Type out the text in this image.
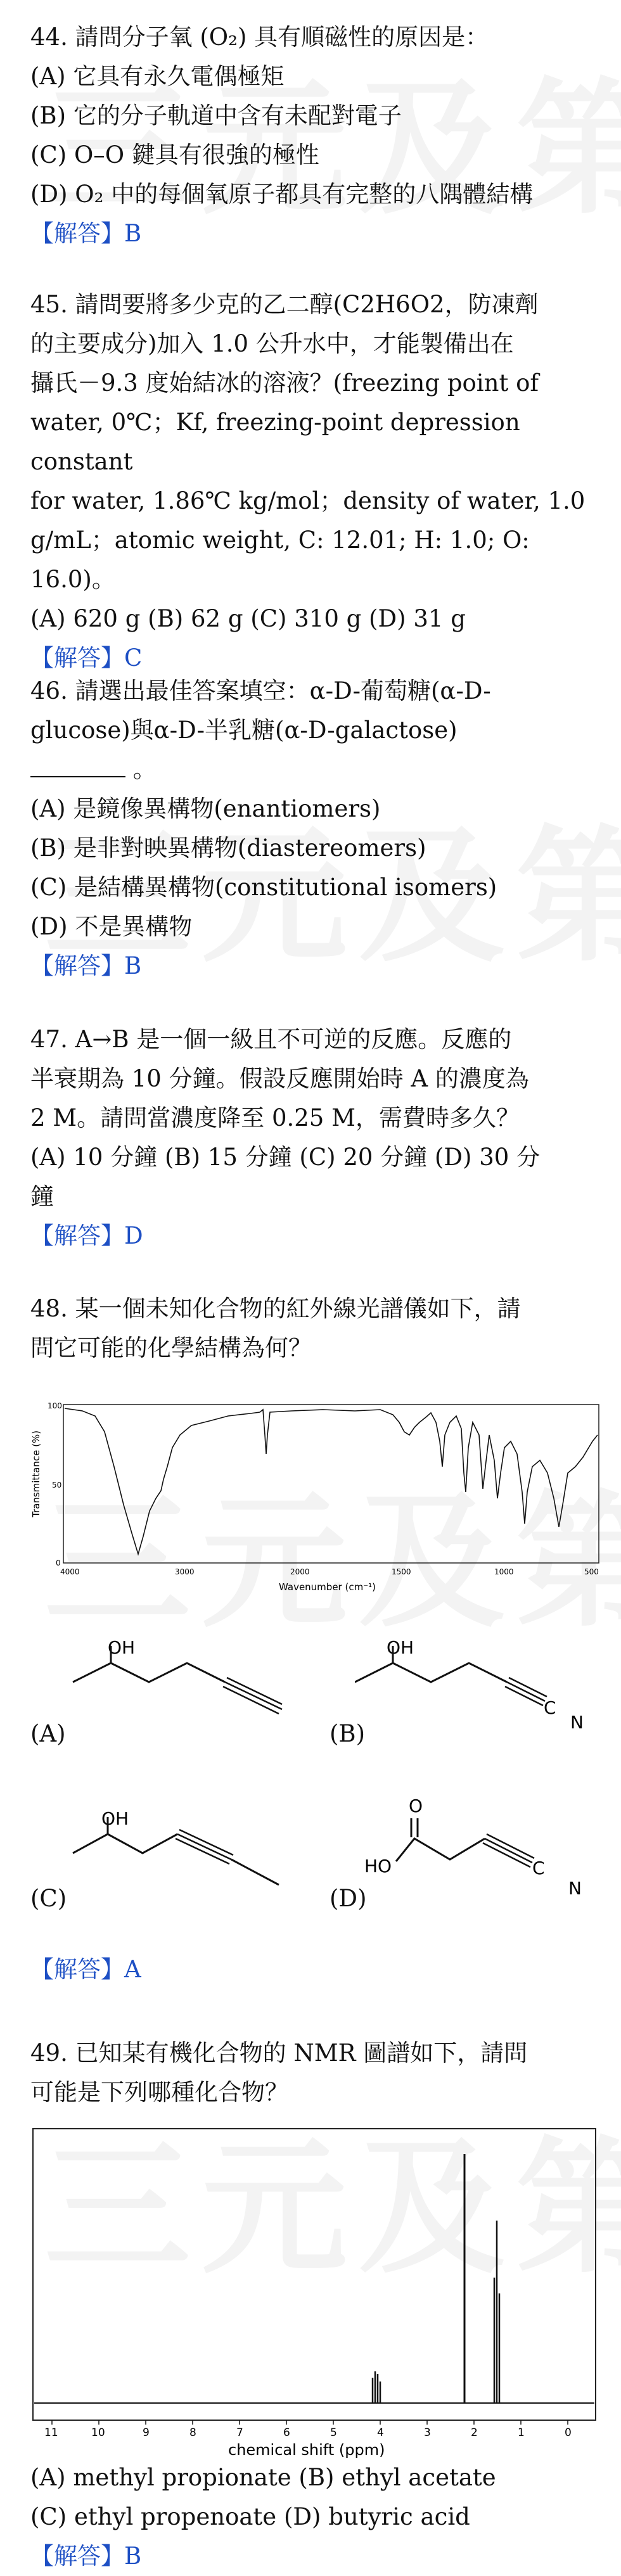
44. 請問分子氧 (O₂) 具有順磁性的原因是：

(A) 它具有永久電偶極矩

(B) 它的分子軌道中含有未配對電子

(C) O–O 鍵具有很強的極性

(D) O₂ 中的每個氧原子都具有完整的八隅體結構

【解答】B

45. 請問要將多少克的乙二醇(C2H6O2，防凍劑

的主要成分)加入 1.0 公升水中，才能製備出在

攝氏－9.3 度始結冰的溶液？(freezing point of

water, 0℃；Kf, freezing-point depression constant

for water, 1.86℃ kg/mol；density of water, 1.0

g/mL；atomic weight, C: 12.01; H: 1.0; O: 16.0)。

(A) 620 g (B) 62 g (C) 310 g (D) 31 g

【解答】C

46. 請選出最佳答案填空：α-D-葡萄糖(α-D-

glucose)與α-D-半乳糖(α-D-galactose)

。

(A) 是鏡像異構物(enantiomers)

(B) 是非對映異構物(diastereomers)

(C) 是結構異構物(constitutional isomers)

(D) 不是異構物

【解答】B

47. A→B 是一個一級且不可逆的反應。反應的

半衰期為 10 分鐘。假設反應開始時 A 的濃度為

2 M。請問當濃度降至 0.25 M，需費時多久？

(A) 10 分鐘 (B) 15 分鐘 (C) 20 分鐘 (D) 30 分

鐘

【解答】D

48. 某一個未知化合物的紅外線光譜儀如下，請

問它可能的化學結構為何？

Transmittance (%)
100
50
0
4000	3000	2000	1500	1000	500
Wavenumber (cm⁻¹)
OH
(A)
OH
C
N
(B)
OH
(C)
O
HO	C
N
(D)

【解答】A

49. 已知某有機化合物的 NMR 圖譜如下，請問

可能是下列哪種化合物？

11	10	9	8	7	6	5	4	3	2	1	0
chemical shift (ppm)

(A) methyl propionate (B) ethyl acetate

(C) ethyl propenoate (D) butyric acid

【解答】B
